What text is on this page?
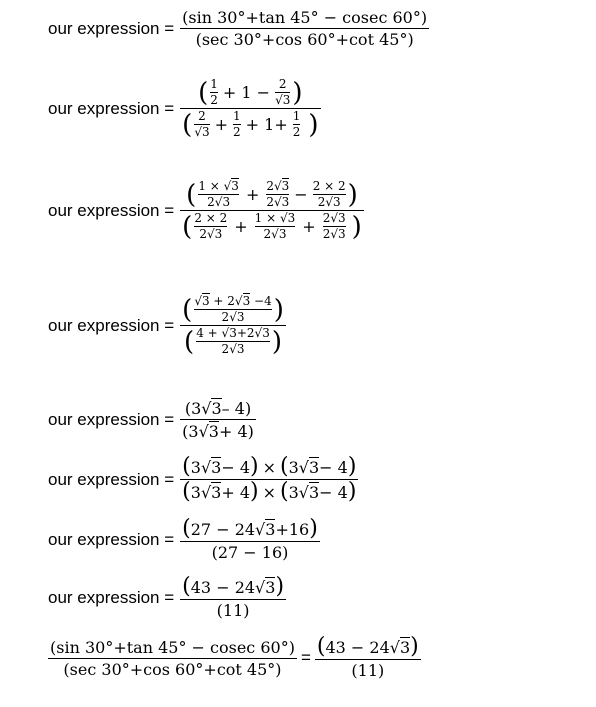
our expression = $\frac{(\sin 30^\circ+\tan 45^\circ - cosec 60^\circ)}{(\sec 30^\circ+\cos 60^\circ+\cot 45^\circ)}$
our expression = ( 1
2 + 1 − 2
√3 )
( 2
√3 + 1
2 + 1+ 1
2 )
our expression =
( 1 × √3
2√3 + 2√3
2√3 − 2 × 2
2√3 )
( 2 × 2
2√3 + 1 × √3
2√3 + 2√3
2√3 )
our expression = ( √3 + 2√3 −4
2√3 )
( 4 + √3+2√3
2√3 )
our expression = $\frac{(3 √ 3 - 4)}{(3 √ 3 + 4)}$
our expression = $\frac{( 3 √ 3 - 4 ) \times ( 3 √ 3 - 4 )}{( 3 √ 3 + 4 ) \times ( 3 √ 3 - 4 )}$
our expression = $\frac{( 27 - 24 √ 3 +16 )}{(27 - 16)}$
our expression = $\frac{( 43 - 24 √ 3 )}{(11)}$
$\frac{(\sin 30^\circ+\tan 45^\circ - cosec 60^\circ)}{(\sec 30^\circ+\cos 60^\circ+\cot 45^\circ)} = \frac{( 43 - 24 √ 3 )}{(11)}$
